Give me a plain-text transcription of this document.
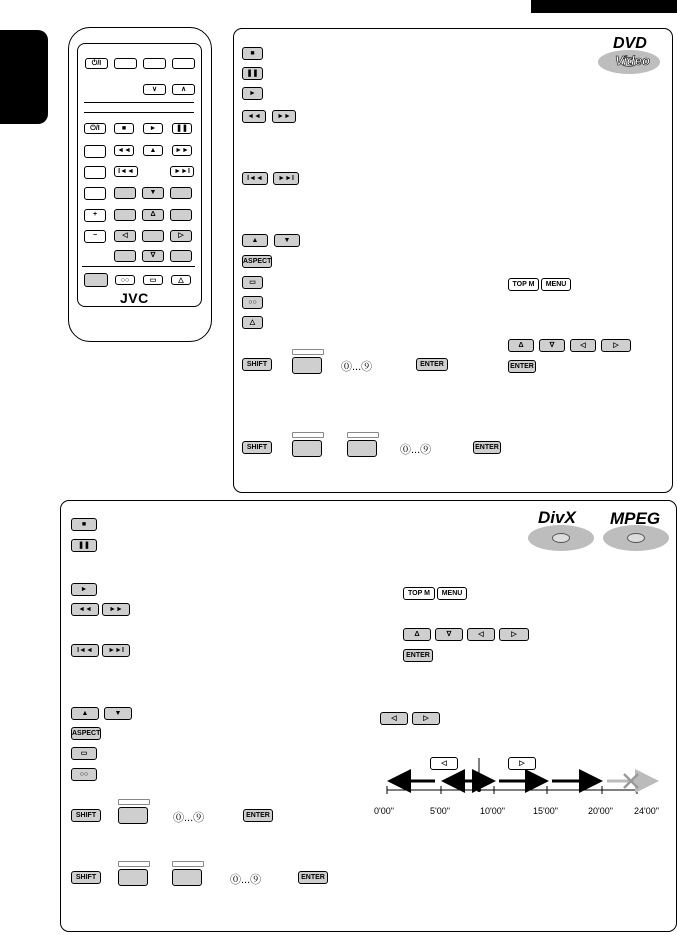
⏻/I
∨	∧
⏻/I	■	►	❚❚
◄◄	▲	►►
I◄◄	►►I
▼
+	Δ
−	◁	▷
∇
○○	▭	△
JVC
DVD
Video
■
❚❚
►
◄◄	►►
I◄◄	►►I
▲	▼
ASPECT
▭
○○
△
TOP M	MENU
Δ	∇	◁	▷
ENTER
SHIFT	⓪...⑨	ENTER
SHIFT	⓪...⑨	ENTER
DivX MPEG
■
❚❚
►
◄◄	►►
I◄◄	►►I
▲	▼
ASPECT
▭
○○
SHIFT	⓪...⑨	ENTER
SHIFT	⓪...⑨	ENTER
TOP M	MENU
Δ	∇	◁	▷
ENTER
◁	▷
◁	▷
0'00"	5'00"	10'00"	15'00"	20'00" 24'00"
